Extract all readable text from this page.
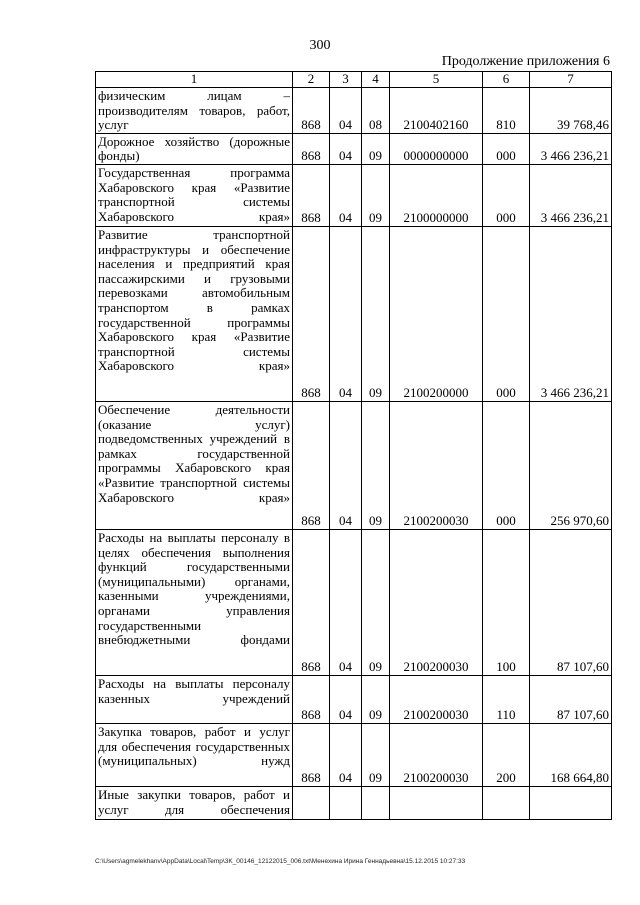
300
Продолжение приложения 6
1	2	3	4	5	6	7
физическим лицам – производителям товаров, работ, услуг	868	04	08	2100402160	810	39 768,46
Дорожное хозяйство (дорожные фонды)	868	04	09	0000000000	000	3 466 236,21
Государственная программа Хабаровского края «Развитие транспортной системы Хабаровского края»	868	04	09	2100000000	000	3 466 236,21
Развитие транспортной инфраструктуры и обеспечение населения и предприятий края пассажирскими и грузовыми перевозками автомобильным транспортом в рамках государственной программы Хабаровского края «Развитие транспортной системы Хабаровского края»	868	04	09	2100200000	000	3 466 236,21
Обеспечение деятельности (оказание услуг) подведомственных учреждений в рамках государственной программы Хабаровского края «Развитие транспортной системы Хабаровского края»	868	04	09	2100200030	000	256 970,60
Расходы на выплаты персоналу в целях обеспечения выполнения функций государственными (муниципальными) органами, казенными учреждениями, органами управления государственными внебюджетными фондами	868	04	09	2100200030	100	87 107,60
Расходы на выплаты персоналу казенных учреждений	868	04	09	2100200030	110	87 107,60
Закупка товаров, работ и услуг для обеспечения государственных (муниципальных) нужд	868	04	09	2100200030	200	168 664,80
Иные закупки товаров, работ и услуг для обеспечения						
C:\Users\agmelekhanv\AppData\Local\Temp\3K_00146_12122015_006.txt\Менехина Ирина Геннадьевна\15.12.2015 10:27:33
